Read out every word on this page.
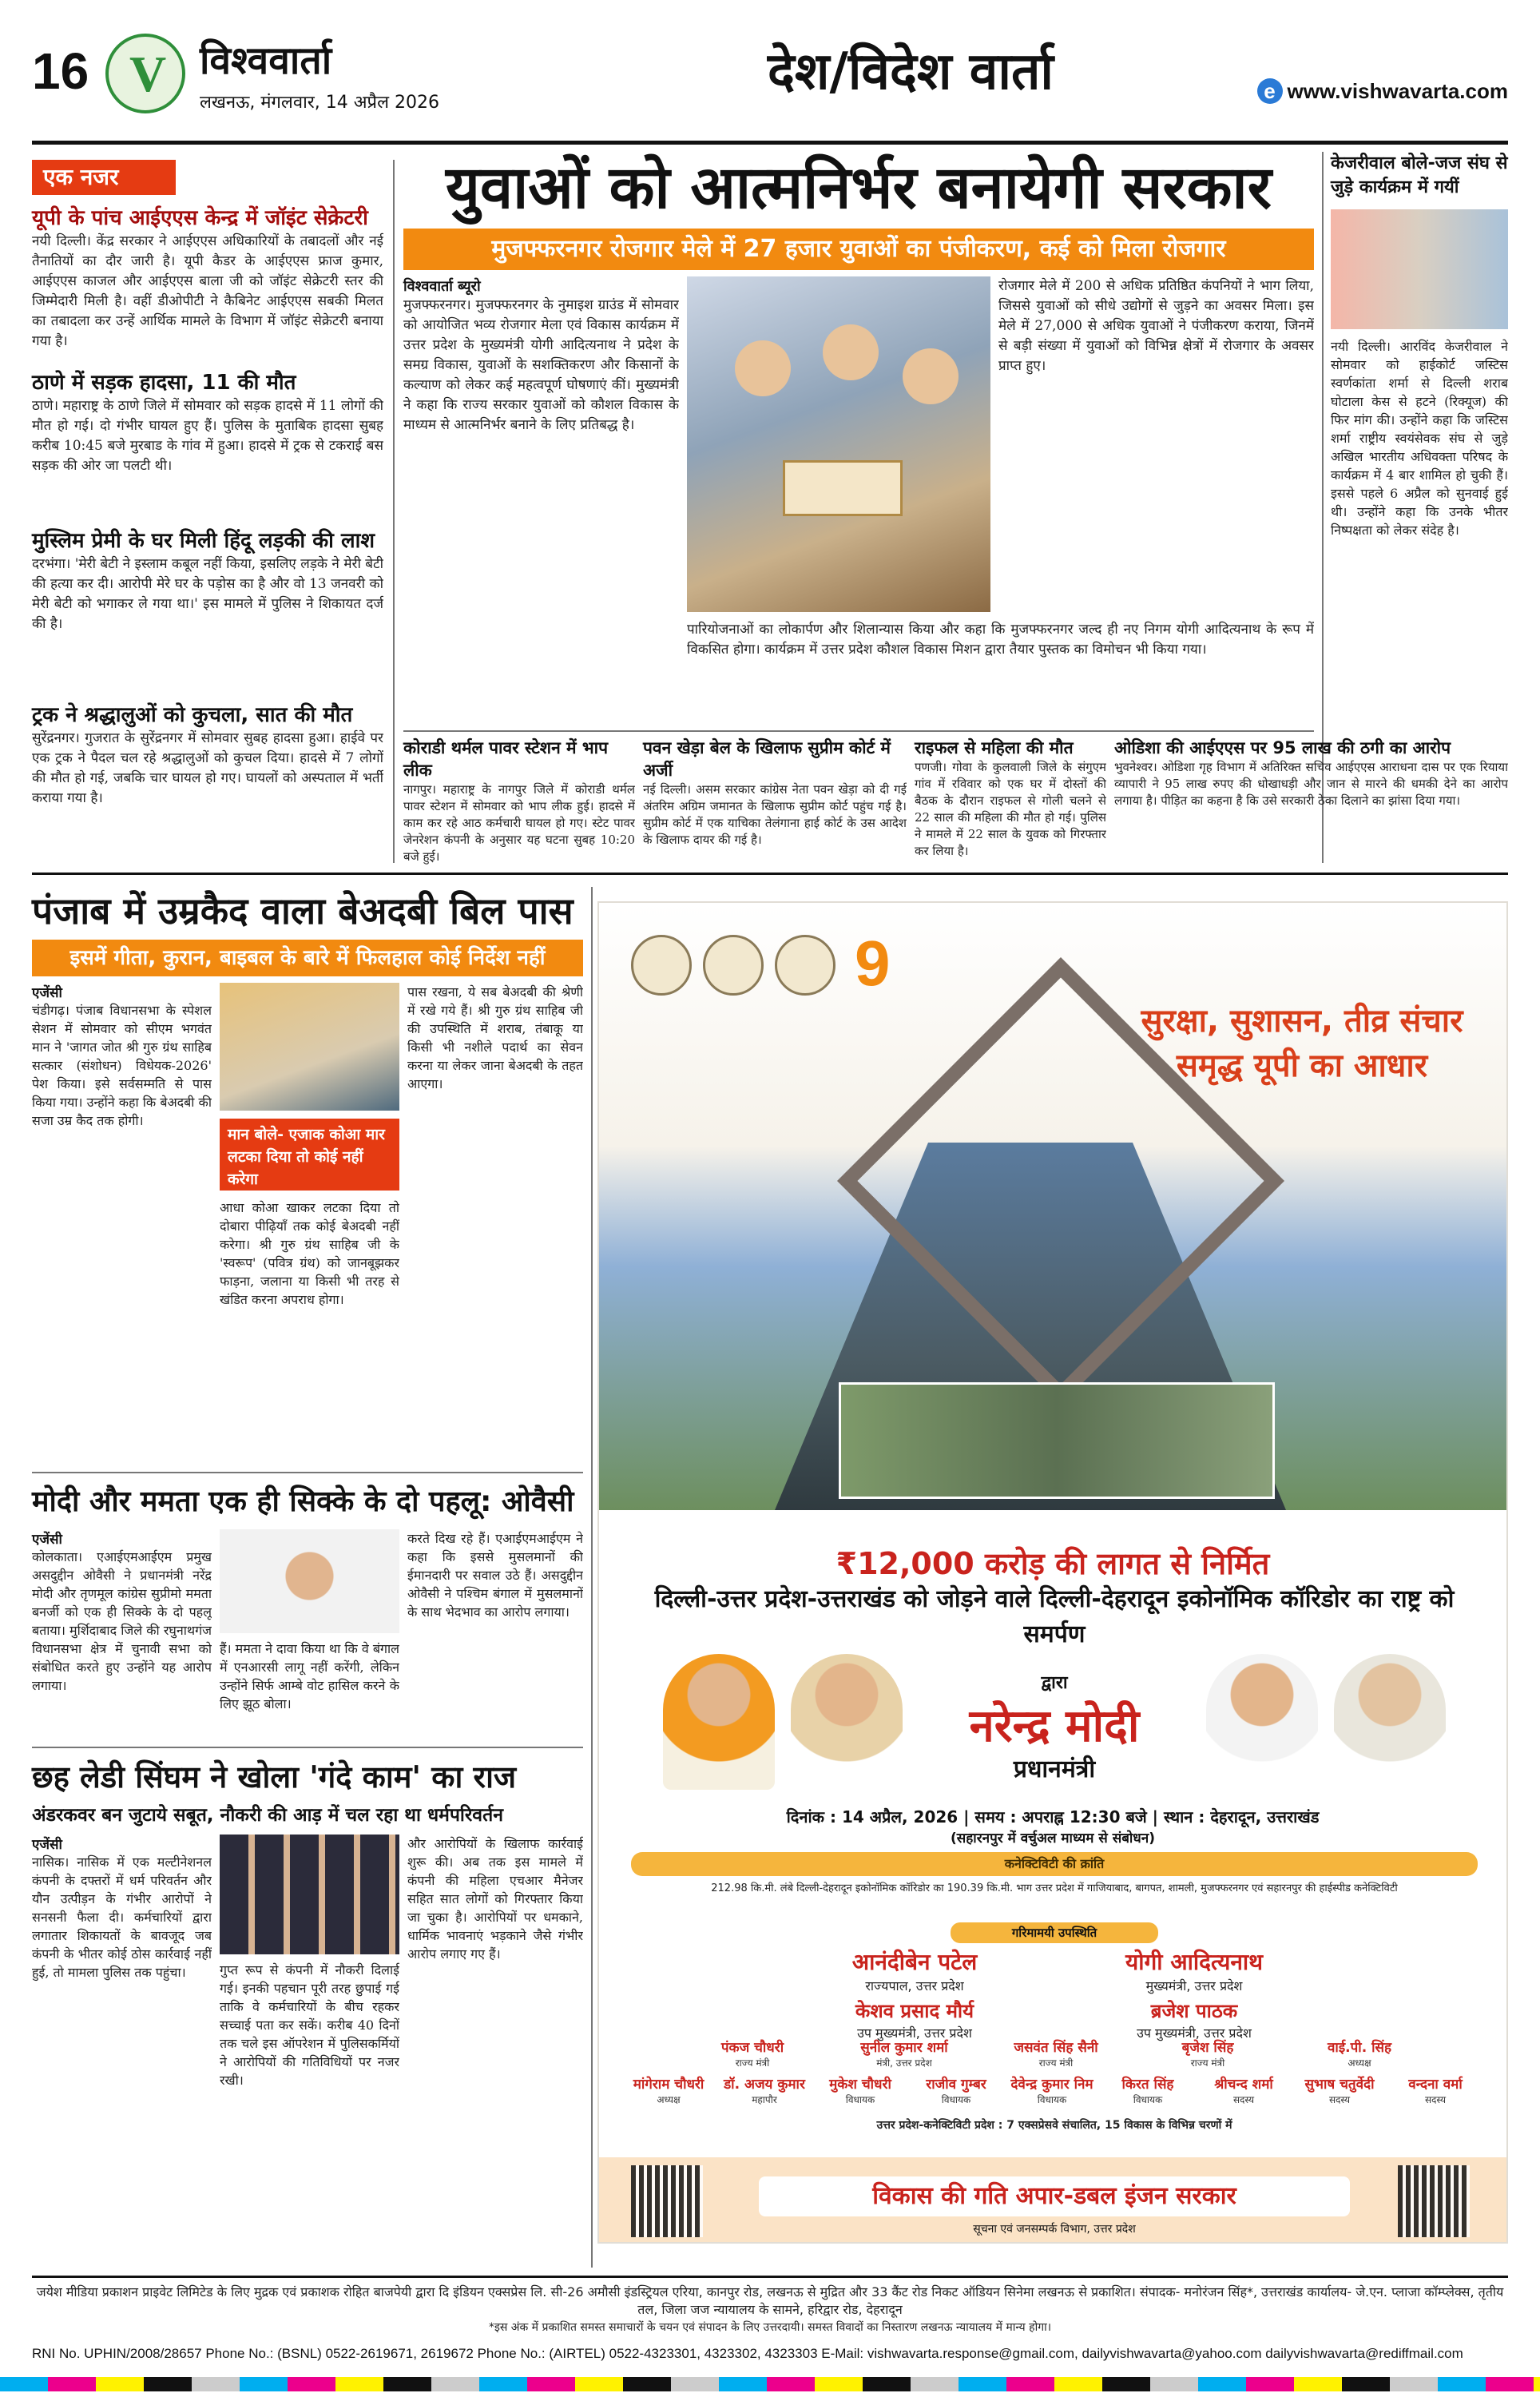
16 V विश्ववार्ता
लखनऊ, मंगलवार, 14 अप्रैल 2026
देश/विदेश वार्ता	e www.vishwavarta.com
एक नजर
यूपी के पांच आईएएस केन्द्र में जॉइंट सेक्रेटरी
नयी दिल्ली। केंद्र सरकार ने आईएएस अधिकारियों के तबादलों और नई तैनातियों का दौर जारी है। यूपी कैडर के आईएएस फ्राज कुमार, आईएएस काजल और आईएएस बाला जी को जॉइंट सेक्रेटरी स्तर की जिम्मेदारी मिली है। वहीं डीओपीटी ने कैबिनेट आईएएस सबकी मिलत का तबादला कर उन्हें आर्थिक मामले के विभाग में जॉइंट सेक्रेटरी बनाया गया है।
ठाणे में सड़क हादसा, 11 की मौत
ठाणे। महाराष्ट्र के ठाणे जिले में सोमवार को सड़क हादसे में 11 लोगों की मौत हो गई। दो गंभीर घायल हुए हैं। पुलिस के मुताबिक हादसा सुबह करीब 10:45 बजे मुरबाड के गांव में हुआ। हादसे में ट्रक से टकराई बस सड़क की ओर जा पलटी थी।
मुस्लिम प्रेमी के घर मिली हिंदू लड़की की लाश
दरभंगा। 'मेरी बेटी ने इस्लाम कबूल नहीं किया, इसलिए लड़के ने मेरी बेटी की हत्या कर दी। आरोपी मेरे घर के पड़ोस का है और वो 13 जनवरी को मेरी बेटी को भगाकर ले गया था।' इस मामले में पुलिस ने शिकायत दर्ज की है।
ट्रक ने श्रद्धालुओं को कुचला, सात की मौत
सुरेंद्रनगर। गुजरात के सुरेंद्रनगर में सोमवार सुबह हादसा हुआ। हाईवे पर एक ट्रक ने पैदल चल रहे श्रद्धालुओं को कुचल दिया। हादसे में 7 लोगों की मौत हो गई, जबकि चार घायल हो गए। घायलों को अस्पताल में भर्ती कराया गया है।
युवाओं को आत्मनिर्भर बनायेगी सरकार
मुजफ्फरनगर रोजगार मेले में 27 हजार युवाओं का पंजीकरण, कई को मिला रोजगार
विश्ववार्ता ब्यूरो
मुजफ्फरनगर। मुजफ्फरनगर के नुमाइश ग्राउंड में सोमवार को आयोजित भव्य रोजगार मेला एवं विकास कार्यक्रम में उत्तर प्रदेश के मुख्यमंत्री योगी आदित्यनाथ ने प्रदेश के समग्र विकास, युवाओं के सशक्तिकरण और किसानों के कल्याण को लेकर कई महत्वपूर्ण घोषणाएं कीं। मुख्यमंत्री ने कहा कि राज्य सरकार युवाओं को कौशल विकास के माध्यम से आत्मनिर्भर बनाने के लिए प्रतिबद्ध है।
रोजगार मेले में 200 से अधिक प्रतिष्ठित कंपनियों ने भाग लिया, जिससे युवाओं को सीधे उद्योगों से जुड़ने का अवसर मिला। इस मेले में 27,000 से अधिक युवाओं ने पंजीकरण कराया, जिनमें से बड़ी संख्या में युवाओं को विभिन्न क्षेत्रों में रोजगार के अवसर प्राप्त हुए।
पारियोजनाओं का लोकार्पण और शिलान्यास किया और कहा कि मुजफ्फरनगर जल्द ही नए निगम योगी आदित्यनाथ के रूप में विकसित होगा। कार्यक्रम में उत्तर प्रदेश कौशल विकास मिशन द्वारा तैयार पुस्तक का विमोचन भी किया गया।
केजरीवाल बोले-जज संघ से जुड़े कार्यक्रम में गयीं
नयी दिल्ली। आरविंद केजरीवाल ने सोमवार को हाईकोर्ट जस्टिस स्वर्णकांता शर्मा से दिल्ली शराब घोटाला केस से हटने (रिक्यूज) की फिर मांग की। उन्होंने कहा कि जस्टिस शर्मा राष्ट्रीय स्वयंसेवक संघ से जुड़े अखिल भारतीय अधिवक्ता परिषद के कार्यक्रम में 4 बार शामिल हो चुकी हैं। इससे पहले 6 अप्रैल को सुनवाई हुई थी। उन्होंने कहा कि उनके भीतर निष्पक्षता को लेकर संदेह है।
कोराडी थर्मल पावर स्टेशन में भाप लीक
नागपुर। महाराष्ट्र के नागपुर जिले में कोराडी थर्मल पावर स्टेशन में सोमवार को भाप लीक हुई। हादसे में काम कर रहे आठ कर्मचारी घायल हो गए। स्टेट पावर जेनरेशन कंपनी के अनुसार यह घटना सुबह 10:20 बजे हुई।
पवन खेड़ा बेल के खिलाफ सुप्रीम कोर्ट में अर्जी
नई दिल्ली। असम सरकार कांग्रेस नेता पवन खेड़ा को दी गई अंतरिम अग्रिम जमानत के खिलाफ सुप्रीम कोर्ट पहुंच गई है। सुप्रीम कोर्ट में एक याचिका तेलंगाना हाई कोर्ट के उस आदेश के खिलाफ दायर की गई है।
राइफल से महिला की मौत
पणजी। गोवा के कुलवाली जिले के संगुएम गांव में रविवार को एक घर में दोस्तों की बैठक के दौरान राइफल से गोली चलने से 22 साल की महिला की मौत हो गई। पुलिस ने मामले में 22 साल के युवक को गिरफ्तार कर लिया है।
ओडिशा की आईएएस पर 95 लाख की ठगी का आरोप
भुवनेश्वर। ओडिशा गृह विभाग में अतिरिक्त सचिव आईएएस आराधना दास पर एक रियाया व्यापारी ने 95 लाख रुपए की धोखाधड़ी और जान से मारने की धमकी देने का आरोप लगाया है। पीड़ित का कहना है कि उसे सरकारी ठेका दिलाने का झांसा दिया गया।
पंजाब में उम्रकैद वाला बेअदबी बिल पास
इसमें गीता, कुरान, बाइबल के बारे में फिलहाल कोई निर्देश नहीं
एजेंसी
चंडीगढ़। पंजाब विधानसभा के स्पेशल सेशन में सोमवार को सीएम भगवंत मान ने 'जागत जोत श्री गुरु ग्रंथ साहिब सत्कार (संशोधन) विधेयक-2026' पेश किया। इसे सर्वसम्मति से पास किया गया। उन्होंने कहा कि बेअदबी की सजा उम्र कैद तक होगी।
मान बोले- एजाक कोआ मार लटका दिया तो कोई नहीं करेगा
पास रखना, ये सब बेअदबी की श्रेणी में रखे गये हैं। श्री गुरु ग्रंथ साहिब जी की उपस्थिति में शराब, तंबाकू या किसी भी नशीले पदार्थ का सेवन करना या लेकर जाना बेअदबी के तहत आएगा।
आधा कोआ खाकर लटका दिया तो दोबारा पीढ़ियाँ तक कोई बेअदबी नहीं करेगा। श्री गुरु ग्रंथ साहिब जी के 'स्वरूप' (पवित्र ग्रंथ) को जानबूझकर फाड़ना, जलाना या किसी भी तरह से खंडित करना अपराध होगा।
मोदी और ममता एक ही सिक्के के दो पहलू: ओवैसी
एजेंसी
कोलकाता। एआईएमआईएम प्रमुख असदुद्दीन ओवैसी ने प्रधानमंत्री नरेंद्र मोदी और तृणमूल कांग्रेस सुप्रीमो ममता बनर्जी को एक ही सिक्के के दो पहलू बताया। मुर्शिदाबाद जिले की रघुनाथगंज विधानसभा क्षेत्र में चुनावी सभा को संबोधित करते हुए उन्होंने यह आरोप लगाया।
हैं। ममता ने दावा किया था कि वे बंगाल में एनआरसी लागू नहीं करेंगी, लेकिन उन्होंने सिर्फ आम्बे वोट हासिल करने के लिए झूठ बोला।
करते दिख रहे हैं। एआईएमआईएम ने कहा कि इससे मुसलमानों की ईमानदारी पर सवाल उठे हैं। असदुद्दीन ओवैसी ने पश्चिम बंगाल में मुसलमानों के साथ भेदभाव का आरोप लगाया।
छह लेडी सिंघम ने खोला 'गंदे काम' का राज
अंडरकवर बन जुटाये सबूत, नौकरी की आड़ में चल रहा था धर्मपरिवर्तन
एजेंसी
नासिक। नासिक में एक मल्टीनेशनल कंपनी के दफ्तरों में धर्म परिवर्तन और यौन उत्पीड़न के गंभीर आरोपों ने सनसनी फैला दी। कर्मचारियों द्वारा लगातार शिकायतों के बावजूद जब कंपनी के भीतर कोई ठोस कार्रवाई नहीं हुई, तो मामला पुलिस तक पहुंचा।	गुप्त रूप से कंपनी में नौकरी दिलाई गई। इनकी पहचान पूरी तरह छुपाई गई ताकि वे कर्मचारियों के बीच रहकर सच्चाई पता कर सकें। करीब 40 दिनों तक चले इस ऑपरेशन में पुलिसकर्मियों ने आरोपियों की गतिविधियों पर नजर रखी।
और आरोपियों के खिलाफ कार्रवाई शुरू की। अब तक इस मामले में कंपनी की महिला एचआर मैनेजर सहित सात लोगों को गिरफ्तार किया जा चुका है। आरोपियों पर धमकाने, धार्मिक भावनाएं भड़काने जैसे गंभीर आरोप लगाए गए हैं।
9
सुरक्षा, सुशासन, तीव्र संचार समृद्ध यूपी का आधार
₹12,000 करोड़ की लागत से निर्मित
दिल्ली-उत्तर प्रदेश-उत्तराखंड को जोड़ने वाले दिल्ली-देहरादून इकोनॉमिक कॉरिडोर का राष्ट्र को समर्पण
द्वारा
नरेन्द्र मोदी
प्रधानमंत्री
दिनांक : 14 अप्रैल, 2026 | समय : अपराह्न 12:30 बजे | स्थान : देहरादून, उत्तराखंड
(सहारनपुर में वर्चुअल माध्यम से संबोधन)
कनेक्टिविटी की क्रांति
212.98 कि.मी. लंबे दिल्ली-देहरादून इकोनॉमिक कॉरिडोर का 190.39 कि.मी. भाग उत्तर प्रदेश में गाजियाबाद, बागपत, शामली, मुजफ्फरनगर एवं सहारनपुर की हाईस्पीड कनेक्टिविटी
गरिमामयी उपस्थिति
आनंदीबेन पटेल
राज्यपाल, उत्तर प्रदेश
योगी आदित्यनाथ
मुख्यमंत्री, उत्तर प्रदेश
केशव प्रसाद मौर्य
उप मुख्यमंत्री, उत्तर प्रदेश
ब्रजेश पाठक
उप मुख्यमंत्री, उत्तर प्रदेश
पंकज चौधरी
राज्य मंत्री
सुनील कुमार शर्मा
मंत्री, उत्तर प्रदेश
जसवंत सिंह सैनी
राज्य मंत्री
बृजेश सिंह
राज्य मंत्री
वाई.पी. सिंह
अध्यक्ष
मांगेराम चौधरी
अध्यक्ष
डॉ. अजय कुमार
महापौर
मुकेश चौधरी
विधायक
राजीव गुम्बर
विधायक
देवेन्द्र कुमार निम
विधायक
किरत सिंह
विधायक
श्रीचन्द शर्मा
सदस्य
सुभाष चतुर्वेदी
सदस्य
वन्दना वर्मा
सदस्य
उत्तर प्रदेश-कनेक्टिविटी प्रदेश : 7 एक्सप्रेसवे संचालित, 15 विकास के विभिन्न चरणों में
विकास की गति अपार-डबल इंजन सरकार
सूचना एवं जनसम्पर्क विभाग, उत्तर प्रदेश
जयेश मीडिया प्रकाशन प्राइवेट लिमिटेड के लिए मुद्रक एवं प्रकाशक रोहित बाजपेयी द्वारा दि इंडियन एक्सप्रेस लि. सी-26 अमौसी इंडस्ट्रियल एरिया, कानपुर रोड, लखनऊ से मुद्रित और 33 कैंट रोड निकट ऑडियन सिनेमा लखनऊ से प्रकाशित। संपादक- मनोरंजन सिंह*, उत्तराखंड कार्यालय- जे.एन. प्लाजा कॉम्प्लेक्स, तृतीय तल, जिला जज न्यायालय के सामने, हरिद्वार रोड, देहरादून
*इस अंक में प्रकाशित समस्त समाचारों के चयन एवं संपादन के लिए उत्तरदायी। समस्त विवादों का निस्तारण लखनऊ न्यायालय में मान्य होगा।
RNI No. UPHIN/2008/28657 Phone No.: (BSNL) 0522-2619671, 2619672 Phone No.: (AIRTEL) 0522-4323301, 4323302, 4323303 E-Mail: vishwavarta.response@gmail.com, dailyvishwavarta@yahoo.com dailyvishwavarta@rediffmail.com
